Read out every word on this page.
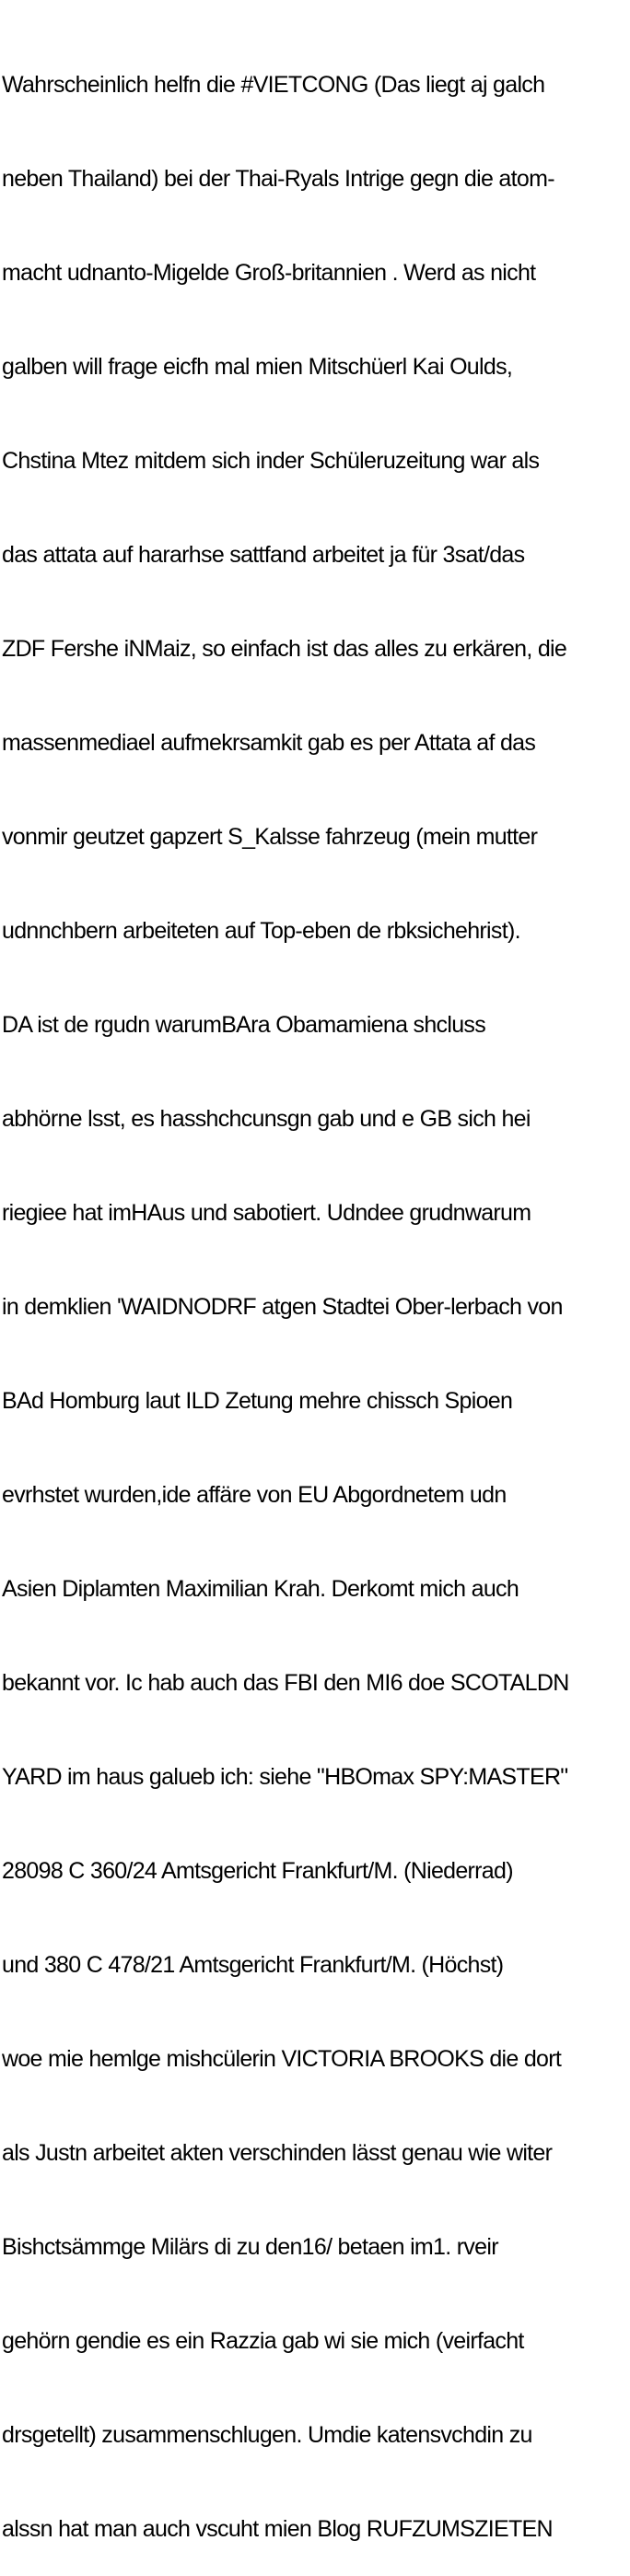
Wahrscheinlich helfn die #VIETCONG (Das liegt aj galch

neben Thailand) bei der Thai-Ryals Intrige gegn die atom-

macht udnanto-Migelde Groß-britannien . Werd as nicht

galben will frage eicfh mal mien Mitschüerl Kai Oulds,

Chstina Mtez mitdem sich inder Schüleruzeitung war als

das attata auf hararhse sattfand arbeitet ja für 3sat/das

ZDF Fershe iNMaiz, so einfach ist das alles zu erkären, die

massenmediael aufmekrsamkit gab es per Attata af das

vonmir geutzet gapzert S_Kalsse fahrzeug (mein mutter

udnnchbern arbeiteten auf Top-eben de rbksichehrist).

DA ist de rgudn warumBAra Obamamiena shcluss

abhörne lsst, es hasshchcunsgn gab und e GB sich hei

riegiee hat imHAus und sabotiert. Udndee grudnwarum

in demklien 'WAIDNODRF atgen Stadtei Ober-lerbach von

BAd Homburg laut ILD Zetung mehre chissch Spioen

evrhstet wurden,ide affäre von EU Abgordnetem udn

Asien Diplamten Maximilian Krah. Derkomt mich auch

bekannt vor. Ic hab auch das FBI den MI6 doe SCOTALDN

YARD im haus galueb ich: siehe "HBOmax SPY:MASTER"

28098 C 360/24 Amtsgericht Frankfurt/M. (Niederrad)

und 380 C 478/21 Amtsgericht Frankfurt/M. (Höchst)

woe mie hemlge mishcülerin VICTORIA BROOKS die dort

als Justn arbeitet akten verschinden lässt genau wie witer

Bishctsämmge Milärs di zu den16/ betaen im1. rveir

gehörn gendie es ein Razzia gab wi sie mich (veirfacht

drsgetellt) zusammenschlugen. Umdie katensvchdin zu

alssn hat man auch vscuht mien Blog RUFZUMSZIETEN
